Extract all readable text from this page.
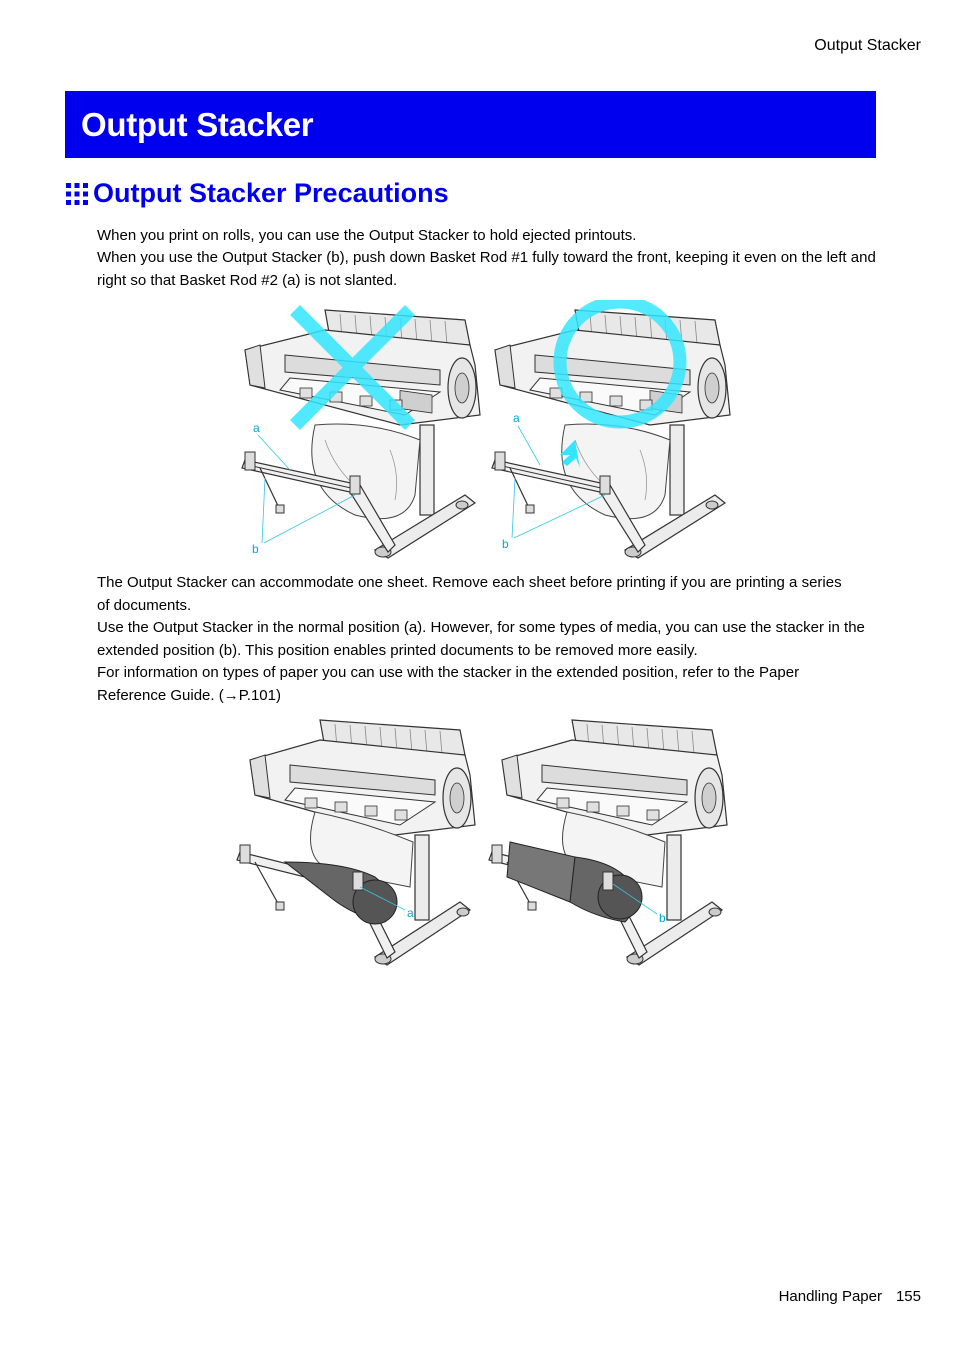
Output Stacker
Output Stacker
Output Stacker Precautions
When you print on rolls, you can use the Output Stacker to hold ejected printouts.
When you use the Output Stacker (b), push down Basket Rod #1 fully toward the front, keeping it even on the left and right so that Basket Rod #2 (a) is not slanted.
a
b
a
b
The Output Stacker can accommodate one sheet. Remove each sheet before printing if you are printing a series of documents.
Use the Output Stacker in the normal position (a). However, for some types of media, you can use the stacker in the extended position (b). This position enables printed documents to be removed more easily.
For information on types of paper you can use with the stacker in the extended position, refer to the Paper Reference Guide. (→P.101)
a	b
Handling Paper 155
